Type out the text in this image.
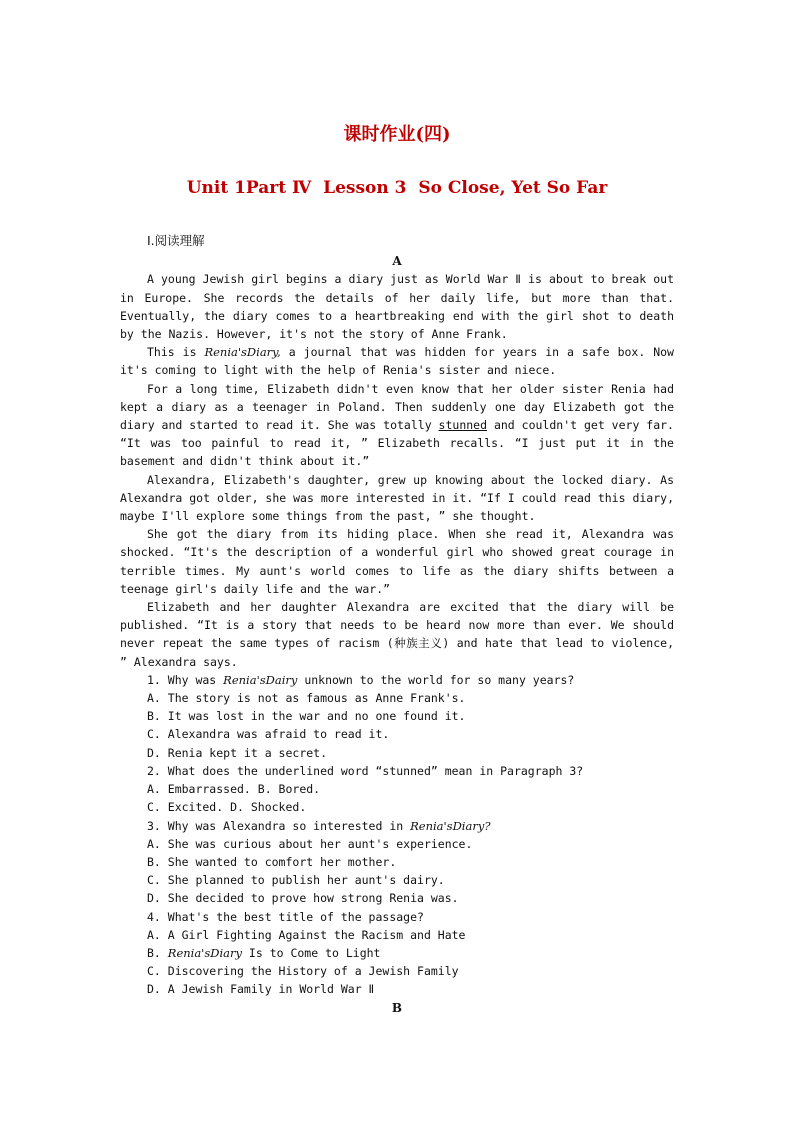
课时作业(四)
Unit 1Part Ⅳ  Lesson 3  So Close, Yet So Far
Ⅰ.阅读理解
A

A young Jewish girl begins a diary just as World War Ⅱ is about to break out in Europe. She records the details of her daily life, but more than that. Eventually, the diary comes to a heartbreaking end with the girl shot to death by the Nazis. However, it's not the story of Anne Frank.

This is Renia'sDiary, a journal that was hidden for years in a safe box. Now it's coming to light with the help of Renia's sister and niece.

For a long time, Elizabeth didn't even know that her older sister Renia had kept a diary as a teenager in Poland. Then suddenly one day Elizabeth got the diary and started to read it. She was totally stunned and couldn't get very far. “It was too painful to read it, ” Elizabeth recalls. “I just put it in the basement and didn't think about it.”

Alexandra, Elizabeth's daughter, grew up knowing about the locked diary. As Alexandra got older, she was more interested in it. “If I could read this diary, maybe I'll explore some things from the past, ” she thought.

She got the diary from its hiding place. When she read it, Alexandra was shocked. “It's the description of a wonderful girl who showed great courage in terrible times. My aunt's world comes to life as the diary shifts between a teenage girl's daily life and the war.”

Elizabeth and her daughter Alexandra are excited that the diary will be published. “It is a story that needs to be heard now more than ever. We should never repeat the same types of racism (种族主义) and hate that lead to violence, ” Alexandra says.

1. Why was Renia'sDairy unknown to the world for so many years?

A. The story is not as famous as Anne Frank's.

B. It was lost in the war and no one found it.

C. Alexandra was afraid to read it.

D. Renia kept it a secret.

2. What does the underlined word “stunned” mean in Paragraph 3?

A. Embarrassed. B. Bored.

C. Excited. D. Shocked.

3. Why was Alexandra so interested in Renia'sDiary?

A. She was curious about her aunt's experience.

B. She wanted to comfort her mother.

C. She planned to publish her aunt's dairy.

D. She decided to prove how strong Renia was.

4. What's the best title of the passage?

A. A Girl Fighting Against the Racism and Hate

B. Renia'sDiary Is to Come to Light

C. Discovering the History of a Jewish Family

D. A Jewish Family in World War Ⅱ

B
